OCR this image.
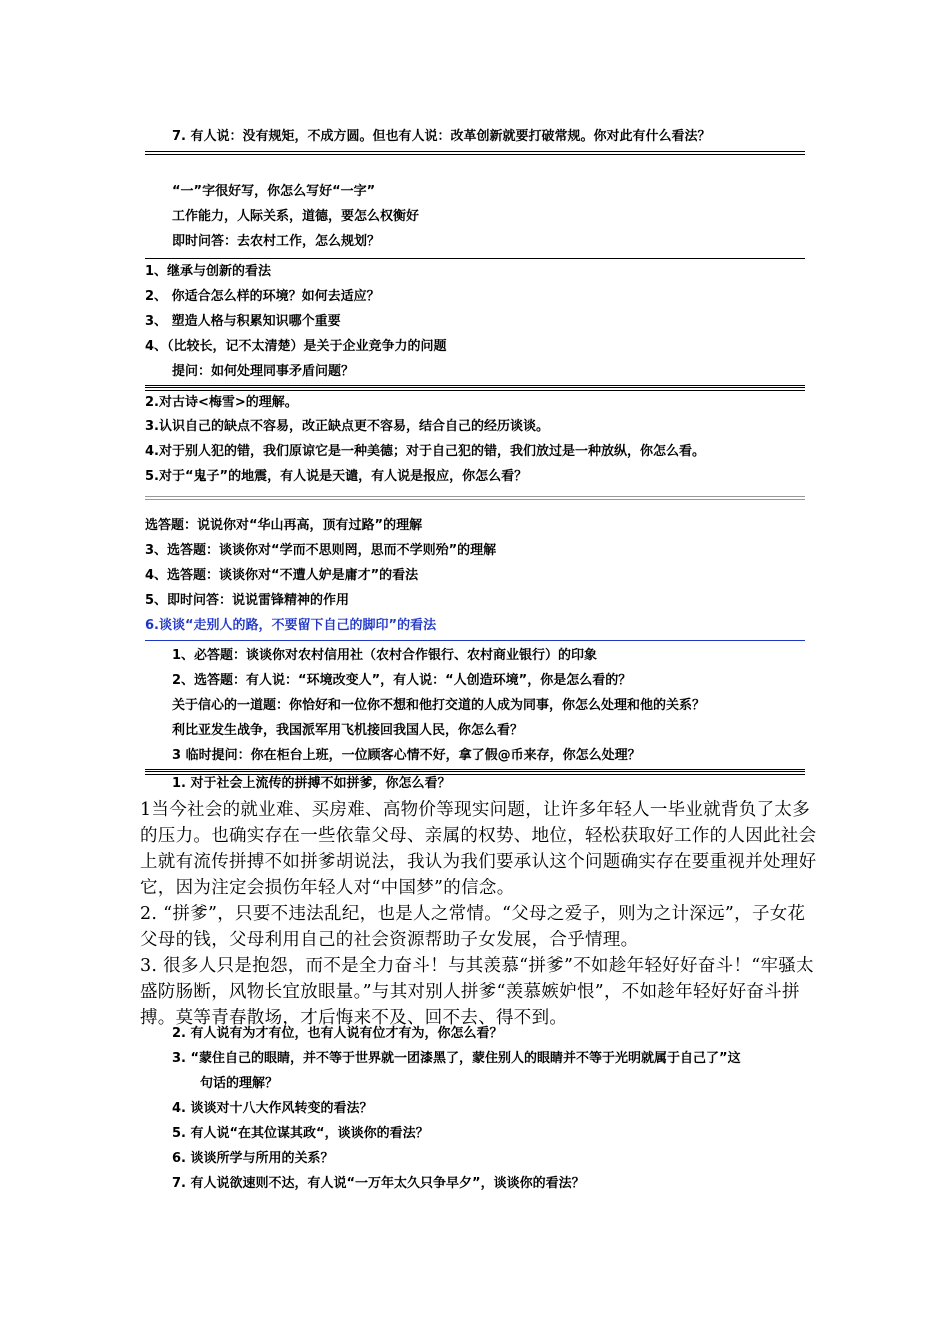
7. 有人说：没有规矩，不成方圆。但也有人说：改革创新就要打破常规。你对此有什么看法？
“一”字很好写，你怎么写好“一字”
工作能力，人际关系，道德，要怎么权衡好
即时问答：去农村工作，怎么规划？
1、继承与创新的看法
2、 你适合怎么样的环境？如何去适应？
3、 塑造人格与积累知识哪个重要
4、（比较长，记不太清楚）是关于企业竞争力的问题
提问：如何处理同事矛盾问题？
2.对古诗<梅雪>的理解。
3.认识自己的缺点不容易，改正缺点更不容易，结合自己的经历谈谈。
4.对于别人犯的错，我们原谅它是一种美德；对于自己犯的错，我们放过是一种放纵，你怎么看。
5.对于“鬼子”的地震，有人说是天谴，有人说是报应，你怎么看？
选答题：说说你对“华山再高，顶有过路”的理解
3、选答题：谈谈你对“学而不思则罔，思而不学则殆”的理解
4、选答题：谈谈你对“不遭人妒是庸才”的看法
5、即时问答：说说雷锋精神的作用
6.谈谈“走别人的路，不要留下自己的脚印”的看法
1、必答题：谈谈你对农村信用社（农村合作银行、农村商业银行）的印象
2、选答题：有人说：“环境改变人”，有人说：“人创造环境”，你是怎么看的？
关于信心的一道题：你恰好和一位你不想和他打交道的人成为同事，你怎么处理和他的关系？
利比亚发生战争，我国派军用飞机接回我国人民，你怎么看？
3 临时提问：你在柜台上班，一位顾客心情不好，拿了假@币来存，你怎么处理？
1. 对于社会上流传的拼搏不如拼爹，你怎么看？

1当今社会的就业难、买房难、高物价等现实问题，让许多年轻人一毕业就背负了太多的压力。也确实存在一些依靠父母、亲属的权势、地位，轻松获取好工作的人因此社会上就有流传拼搏不如拼爹胡说法，我认为我们要承认这个问题确实存在要重视并处理好它，因为注定会损伤年轻人对“中国梦”的信念。

2. “拼爹”，只要不违法乱纪，也是人之常情。“父母之爱子，则为之计深远”，子女花父母的钱，父母利用自己的社会资源帮助子女发展，合乎情理。

3. 很多人只是抱怨，而不是全力奋斗！与其羡慕“拼爹”不如趁年轻好好奋斗！“牢骚太盛防肠断，风物长宜放眼量。”与其对别人拼爹“羡慕嫉妒恨”，不如趁年轻好好奋斗拼搏。莫等青春散场，才后悔来不及、回不去、得不到。

2. 有人说有为才有位，也有人说有位才有为，你怎么看？
3. “蒙住自己的眼睛，并不等于世界就一团漆黑了，蒙住别人的眼睛并不等于光明就属于自己了”这
句话的理解？
4. 谈谈对十八大作风转变的看法？
5. 有人说“在其位谋其政“，谈谈你的看法？
6. 谈谈所学与所用的关系？
7. 有人说欲速则不达，有人说“一万年太久只争早夕”，谈谈你的看法？
